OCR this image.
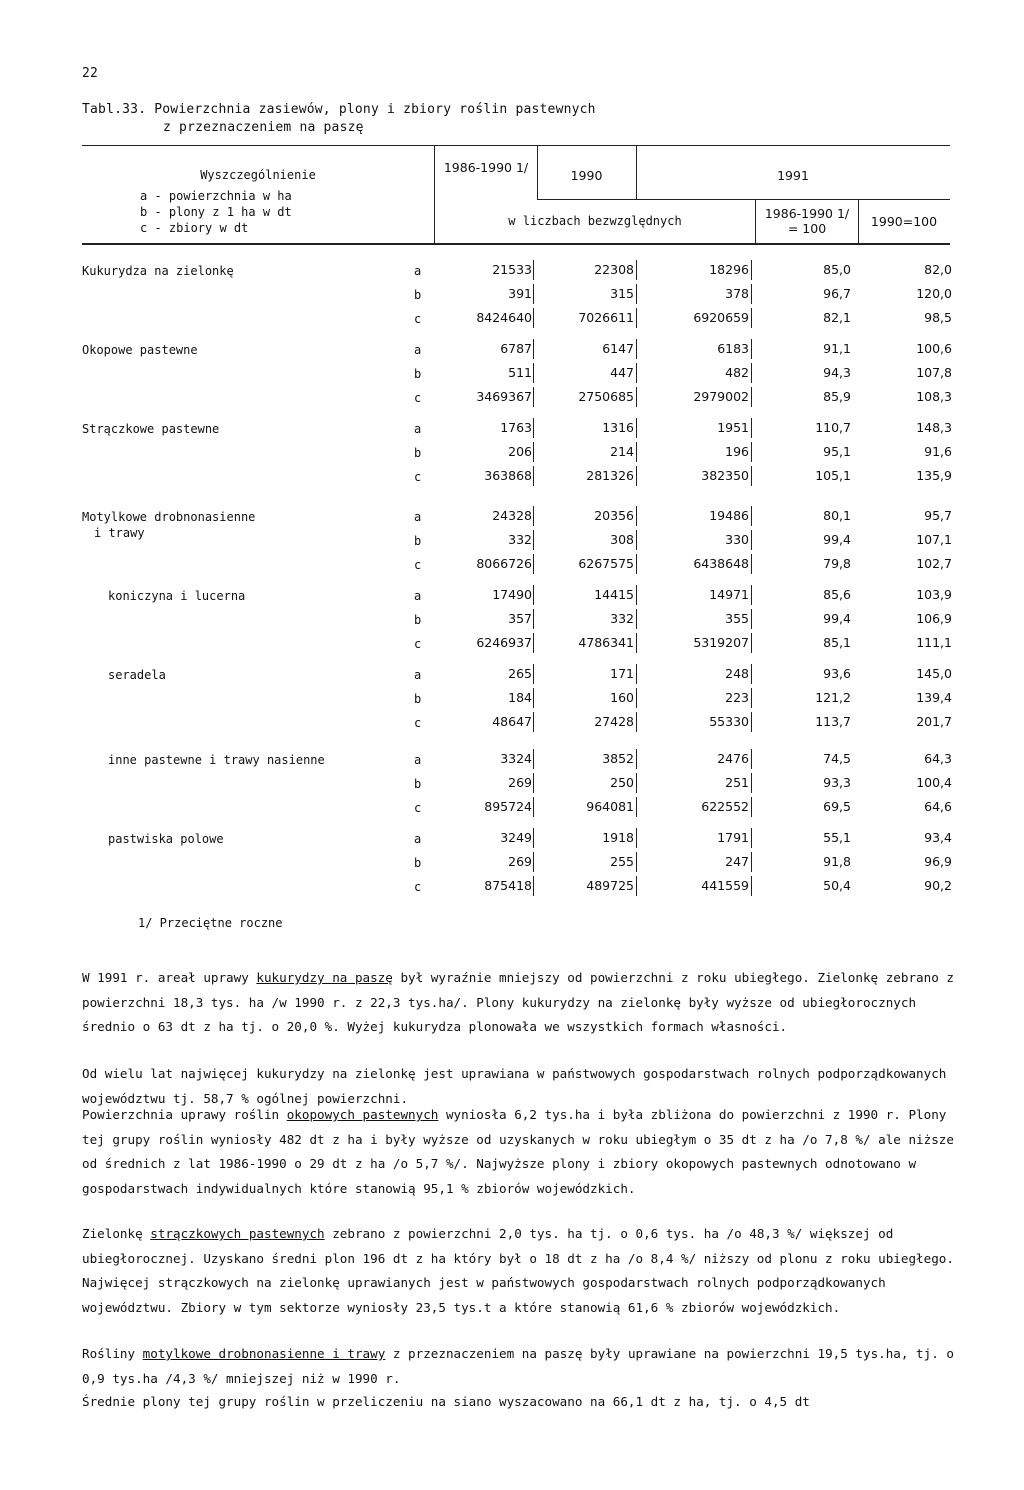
22
Tabl.33. Powierzchnia zasiewów, plony i zbiory roślin pastewnych
z przeznaczeniem na paszę
Wyszczególnienie
a - powierzchnia w ha
b - plony z 1 ha w dt
c - zbiory w dt
1986-1990 1/
1990	1991
w liczbach bezwzględnych	1986-1990 1/ = 100	1990=100
Kukurydza na zielonkę	a	21533	22308	18296	85,0	82,0
b	391	315	378	96,7	120,0
c	8424640	7026611	6920659	82,1	98,5
Okopowe pastewne	a	6787	6147	6183	91,1	100,6
b	511	447	482	94,3	107,8
c	3469367	2750685	2979002	85,9	108,3
Strączkowe pastewne	a	1763	1316	1951	110,7	148,3
b	206	214	196	95,1	91,6
c	363868	281326	382350	105,1	135,9
Motylkowe drobnonasienne
i trawy
a	24328	20356	19486	80,1	95,7
b	332	308	330	99,4	107,1
c	8066726	6267575	6438648	79,8	102,7
koniczyna i lucerna	a	17490	14415	14971	85,6	103,9
b	357	332	355	99,4	106,9
c	6246937	4786341	5319207	85,1	111,1
seradela	a	265	171	248	93,6	145,0
b	184	160	223	121,2	139,4
c	48647	27428	55330	113,7	201,7
inne pastewne i trawy nasienne	a	3324	3852	2476	74,5	64,3
b	269	250	251	93,3	100,4
c	895724	964081	622552	69,5	64,6
pastwiska polowe	a	3249	1918	1791	55,1	93,4
b	269	255	247	91,8	96,9
c	875418	489725	441559	50,4	90,2
1/ Przeciętne roczne
W 1991 r. areał uprawy kukurydzy na paszę był wyraźnie mniejszy od powierzchni z roku ubiegłego. Zielonkę zebrano z powierzchni 18,3 tys. ha /w 1990 r. z 22,3 tys.ha/. Plony kukurydzy na zielonkę były wyższe od ubiegłorocznych średnio o 63 dt z ha tj. o 20,0 %. Wyżej kukurydza plonowała we wszystkich formach własności.
Od wielu lat najwięcej kukurydzy na zielonkę jest uprawiana w państwowych gospodarstwach rolnych podporządkowanych województwu tj. 58,7 % ogólnej powierzchni.
Powierzchnia uprawy roślin okopowych pastewnych wyniosła 6,2 tys.ha i była zbliżona do powierzchni z 1990 r. Plony tej grupy roślin wyniosły 482 dt z ha i były wyższe od uzyskanych w roku ubiegłym o 35 dt z ha /o 7,8 %/ ale niższe od średnich z lat 1986-1990 o 29 dt z ha /o 5,7 %/. Najwyższe plony i zbiory okopowych pastewnych odnotowano w gospodarstwach indywidualnych które stanowią 95,1 % zbiorów wojewódzkich.
Zielonkę strączkowych pastewnych zebrano z powierzchni 2,0 tys. ha tj. o 0,6 tys. ha /o 48,3 %/ większej od ubiegłorocznej. Uzyskano średni plon 196 dt z ha który był o 18 dt z ha /o 8,4 %/ niższy od plonu z roku ubiegłego. Najwięcej strączkowych na zielonkę uprawianych jest w państwowych gospodarstwach rolnych podporządkowanych województwu. Zbiory w tym sektorze wyniosły 23,5 tys.t a które stanowią 61,6 % zbiorów wojewódzkich.
Rośliny motylkowe drobnonasienne i trawy z przeznaczeniem na paszę były uprawiane na powierzchni 19,5 tys.ha, tj. o 0,9 tys.ha /4,3 %/ mniejszej niż w 1990 r.
Średnie plony tej grupy roślin w przeliczeniu na siano wyszacowano na 66,1 dt z ha, tj. o 4,5 dt
